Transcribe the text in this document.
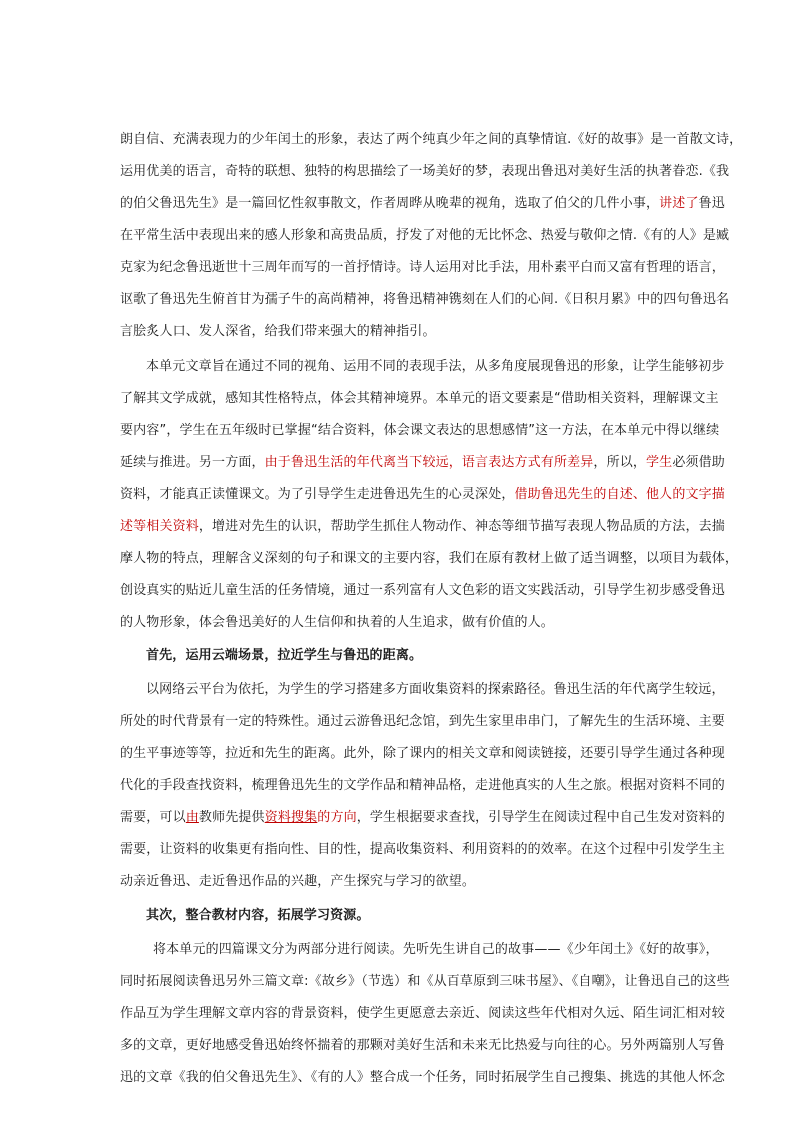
朗自信、充满表现力的少年闰土的形象，表达了两个纯真少年之间的真挚情谊.《好的故事》是一首散文诗，
运用优美的语言，奇特的联想、独特的构思描绘了一场美好的梦，表现出鲁迅对美好生活的执著眷恋.《我
的伯父鲁迅先生》是一篇回忆性叙事散文，作者周晔从晚辈的视角，选取了伯父的几件小事，讲述了鲁迅
在平常生活中表现出来的感人形象和高贵品质，抒发了对他的无比怀念、热爱与敬仰之情.《有的人》是臧
克家为纪念鲁迅逝世十三周年而写的一首抒情诗。诗人运用对比手法，用朴素平白而又富有哲理的语言，
讴歌了鲁迅先生俯首甘为孺子牛的高尚精神，将鲁迅精神镌刻在人们的心间.《日积月累》中的四句鲁迅名
言脍炙人口、发人深省，给我们带来强大的精神指引。
本单元文章旨在通过不同的视角、运用不同的表现手法，从多角度展现鲁迅的形象，让学生能够初步
了解其文学成就，感知其性格特点，体会其精神境界。本单元的语文要素是“借助相关资料，理解课文主
要内容”，学生在五年级时已掌握“结合资料，体会课文表达的思想感情”这一方法，在本单元中得以继续
延续与推进。另一方面，由于鲁迅生活的年代离当下较远，语言表达方式有所差异，所以，学生必须借助
资料，才能真正读懂课文。为了引导学生走进鲁迅先生的心灵深处，借助鲁迅先生的自述、他人的文字描
述等相关资料，增进对先生的认识，帮助学生抓住人物动作、神态等细节描写表现人物品质的方法，去揣
摩人物的特点，理解含义深刻的句子和课文的主要内容，我们在原有教材上做了适当调整，以项目为载体，
创设真实的贴近儿童生活的任务情境，通过一系列富有人文色彩的语文实践活动，引导学生初步感受鲁迅
的人物形象，体会鲁迅美好的人生信仰和执着的人生追求，做有价值的人。
首先，运用云端场景，拉近学生与鲁迅的距离。
以网络云平台为依托，为学生的学习搭建多方面收集资料的探索路径。鲁迅生活的年代离学生较远，
所处的时代背景有一定的特殊性。通过云游鲁迅纪念馆，到先生家里串串门，了解先生的生活环境、主要
的生平事迹等等，拉近和先生的距离。此外，除了课内的相关文章和阅读链接，还要引导学生通过各种现
代化的手段查找资料，梳理鲁迅先生的文学作品和精神品格，走进他真实的人生之旅。根据对资料不同的
需要，可以由教师先提供资料搜集的方向，学生根据要求查找，引导学生在阅读过程中自己生发对资料的
需要，让资料的收集更有指向性、目的性，提高收集资料、利用资料的的效率。在这个过程中引发学生主
动亲近鲁迅、走近鲁迅作品的兴趣，产生探究与学习的欲望。
其次，整合教材内容，拓展学习资源。
将本单元的四篇课文分为两部分进行阅读。先听先生讲自己的故事——《少年闰土》《好的故事》，
同时拓展阅读鲁迅另外三篇文章:《故乡》（节选）和《从百草原到三味书屋》、《自嘲》，让鲁迅自己的这些
作品互为学生理解文章内容的背景资料，使学生更愿意去亲近、阅读这些年代相对久远、陌生词汇相对较
多的文章，更好地感受鲁迅始终怀揣着的那颗对美好生活和未来无比热爱与向往的心。另外两篇别人写鲁
迅的文章《我的伯父鲁迅先生》、《有的人》整合成一个任务，同时拓展学生自己搜集、挑选的其他人怀念
